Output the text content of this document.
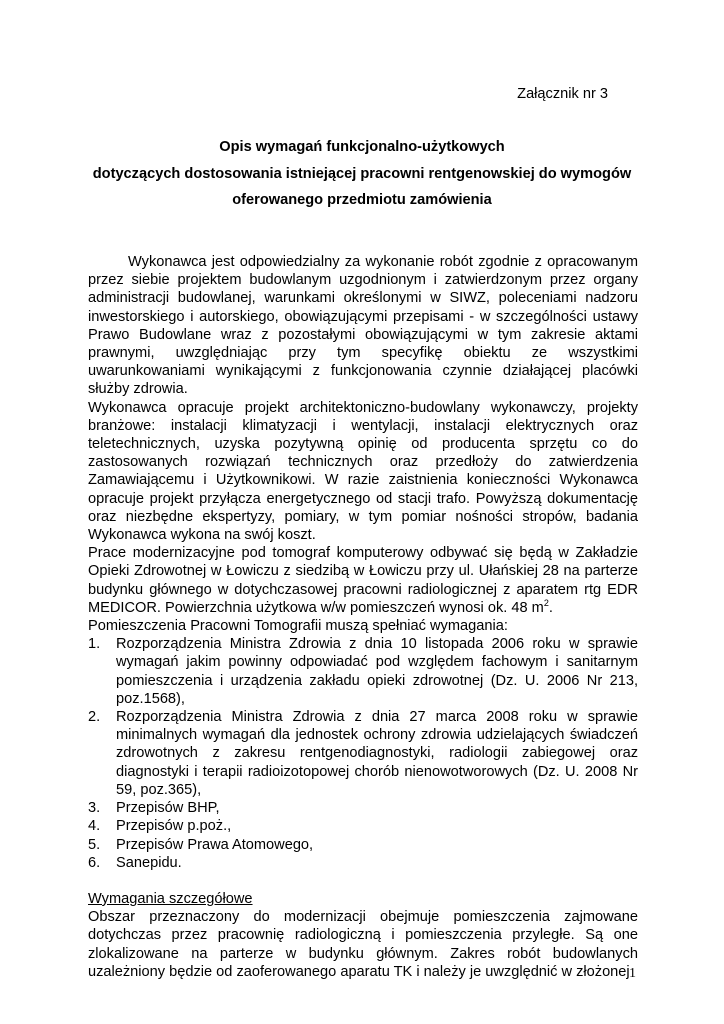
Załącznik nr 3
Opis wymagań funkcjonalno-użytkowych
dotyczących dostosowania istniejącej pracowni rentgenowskiej do wymogów
oferowanego przedmiotu zamówienia

Wykonawca jest odpowiedzialny za wykonanie robót zgodnie z opracowanym przez siebie projektem budowlanym uzgodnionym i zatwierdzonym przez organy administracji budowlanej, warunkami określonymi w SIWZ, poleceniami nadzoru inwestorskiego i autorskiego, obowiązującymi przepisami - w szczególności ustawy Prawo Budowlane wraz z pozostałymi obowiązującymi w tym zakresie aktami prawnymi, uwzględniając przy tym specyfikę obiektu ze wszystkimi uwarunkowaniami wynikającymi z funkcjonowania czynnie działającej placówki służby zdrowia.

Wykonawca opracuje projekt architektoniczno-budowlany wykonawczy, projekty branżowe: instalacji klimatyzacji i wentylacji, instalacji elektrycznych oraz teletechnicznych, uzyska pozytywną opinię od producenta sprzętu co do zastosowanych rozwiązań technicznych oraz przedłoży do zatwierdzenia Zamawiającemu i Użytkownikowi. W razie zaistnienia konieczności Wykonawca opracuje projekt przyłącza energetycznego od stacji trafo. Powyższą dokumentację oraz niezbędne ekspertyzy, pomiary, w tym pomiar nośności stropów, badania Wykonawca wykona na swój koszt.

Prace modernizacyjne pod tomograf komputerowy odbywać się będą w Zakładzie Opieki Zdrowotnej w Łowiczu z siedzibą w Łowiczu przy ul. Ułańskiej 28 na parterze budynku głównego w dotychczasowej pracowni radiologicznej z aparatem rtg EDR MEDICOR. Powierzchnia użytkowa w/w pomieszczeń wynosi ok. 48 $m^2$.

Pomieszczenia Pracowni Tomografii muszą spełniać wymagania:

1. Rozporządzenia Ministra Zdrowia z dnia 10 listopada 2006 roku w sprawie wymagań jakim powinny odpowiadać pod względem fachowym i sanitarnym pomieszczenia i urządzenia zakładu opieki zdrowotnej (Dz. U. 2006 Nr 213, poz.1568),
2. Rozporządzenia Ministra Zdrowia z dnia 27 marca 2008 roku w sprawie minimalnych wymagań dla jednostek ochrony zdrowia udzielających świadczeń zdrowotnych z zakresu rentgenodiagnostyki, radiologii zabiegowej oraz diagnostyki i terapii radioizotopowej chorób nienowotworowych (Dz. U. 2008 Nr 59, poz.365),
3. Przepisów BHP,
4. Przepisów p.poż.,
5. Przepisów Prawa Atomowego,
6. Sanepidu.

Wymagania szczegółowe

Obszar przeznaczony do modernizacji obejmuje pomieszczenia zajmowane dotychczas przez pracownię radiologiczną i pomieszczenia przyległe. Są one zlokalizowane na parterze w budynku głównym. Zakres robót budowlanych uzależniony będzie od zaoferowanego aparatu TK i należy je uwzględnić w złożonej 1
